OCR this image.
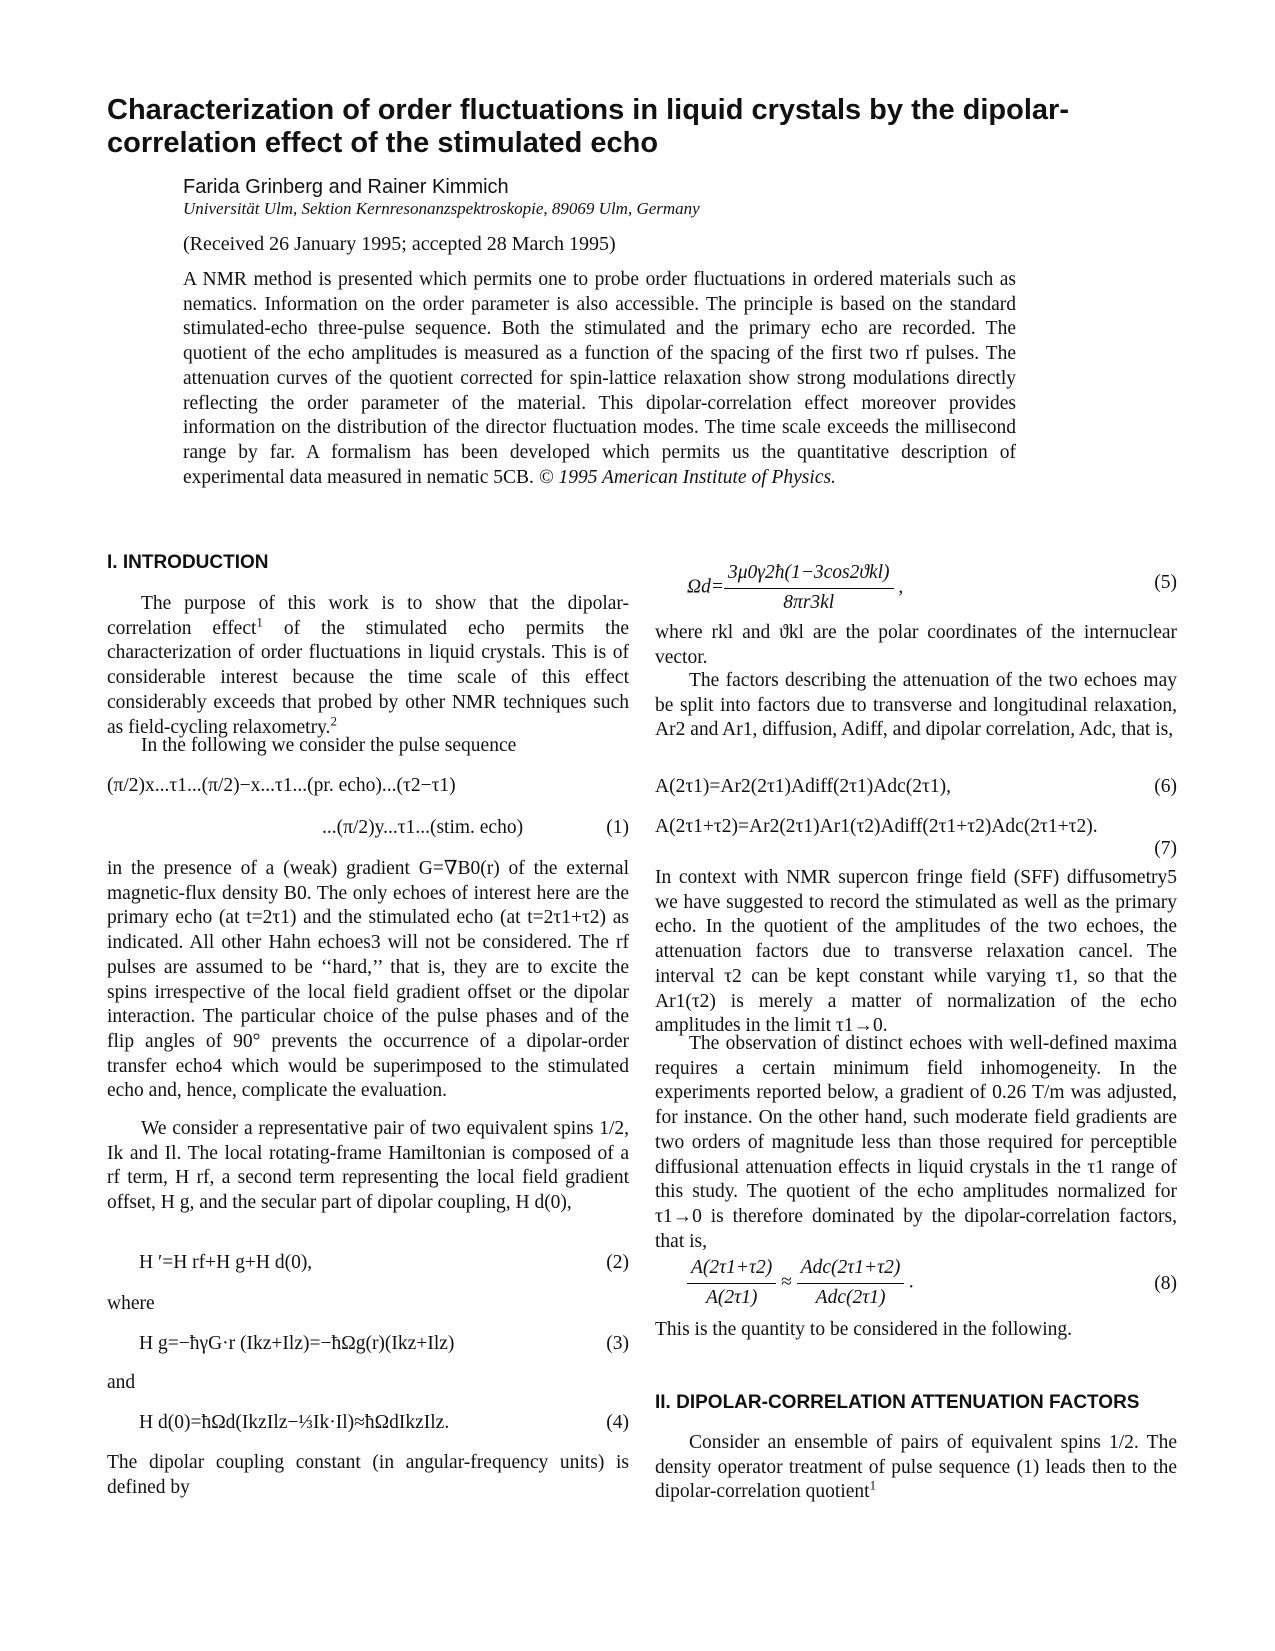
Characterization of order fluctuations in liquid crystals by the dipolar-correlation effect of the stimulated echo
Farida Grinberg and Rainer Kimmich
Universität Ulm, Sektion Kernresonanzspektroskopie, 89069 Ulm, Germany
(Received 26 January 1995; accepted 28 March 1995)

A NMR method is presented which permits one to probe order fluctuations in ordered materials such as nematics. Information on the order parameter is also accessible. The principle is based on the standard stimulated-echo three-pulse sequence. Both the stimulated and the primary echo are recorded. The quotient of the echo amplitudes is measured as a function of the spacing of the first two rf pulses. The attenuation curves of the quotient corrected for spin-lattice relaxation show strong modulations directly reflecting the order parameter of the material. This dipolar-correlation effect moreover provides information on the distribution of the director fluctuation modes. The time scale exceeds the millisecond range by far. A formalism has been developed which permits us the quantitative description of experimental data measured in nematic 5CB. © 1995 American Institute of Physics.

I. INTRODUCTION

The purpose of this work is to show that the dipolar-correlation effect$^1$ of the stimulated echo permits the characterization of order fluctuations in liquid crystals. This is of considerable interest because the time scale of this effect considerably exceeds that probed by other NMR techniques such as field-cycling relaxometry.$^2$

In the following we consider the pulse sequence

(π/2)x...τ1...(π/2)−x...τ1...(pr. echo)...(τ2−τ1)
...(π/2)y...τ1...(stim. echo)	(1)

in the presence of a (weak) gradient G=∇B0(r) of the external magnetic-flux density B0. The only echoes of interest here are the primary echo (at t=2τ1) and the stimulated echo (at t=2τ1+τ2) as indicated. All other Hahn echoes3 will not be considered. The rf pulses are assumed to be ‘‘hard,’’ that is, they are to excite the spins irrespective of the local field gradient offset or the dipolar interaction. The particular choice of the pulse phases and of the flip angles of 90° prevents the occurrence of a dipolar-order transfer echo4 which would be superimposed to the stimulated echo and, hence, complicate the evaluation.

We consider a representative pair of two equivalent spins 1/2, Ik and Il. The local rotating-frame Hamiltonian is composed of a rf term, H rf, a second term representing the local field gradient offset, H g, and the secular part of dipolar coupling, H d(0),

H ′=H rf+H g+H d(0),	(2)
where
H g=−ħγG·r (Ikz+Ilz)=−ħΩg(r)(Ikz+Ilz)	(3)
and
H d(0)=ħΩd(IkzIlz−⅓Ik·Il)≈ħΩdIkzIlz.	(4)

The dipolar coupling constant (in angular-frequency units) is defined by

$\Omega d= \frac{\text{3μ0γ2ħ(1−3cos2ϑkl)}}{8\pi r3kl}$ ,	(5)

where rkl and ϑkl are the polar coordinates of the internuclear vector.

The factors describing the attenuation of the two echoes may be split into factors due to transverse and longitudinal relaxation, Ar2 and Ar1, diffusion, Adiff, and dipolar correlation, Adc, that is,

A(2τ1)=Ar2(2τ1)Adiff(2τ1)Adc(2τ1),	(6)
A(2τ1+τ2)=Ar2(2τ1)Ar1(τ2)Adiff(2τ1+τ2)Adc(2τ1+τ2).
(7)

In context with NMR supercon fringe field (SFF) diffusometry5 we have suggested to record the stimulated as well as the primary echo. In the quotient of the amplitudes of the two echoes, the attenuation factors due to transverse relaxation cancel. The interval τ2 can be kept constant while varying τ1, so that the Ar1(τ2) is merely a matter of normalization of the echo amplitudes in the limit τ1→0.

The observation of distinct echoes with well-defined maxima requires a certain minimum field inhomogeneity. In the experiments reported below, a gradient of 0.26 T/m was adjusted, for instance. On the other hand, such moderate field gradients are two orders of magnitude less than those required for perceptible diffusional attenuation effects in liquid crystals in the τ1 range of this study. The quotient of the echo amplitudes normalized for τ1→0 is therefore dominated by the dipolar-correlation factors, that is,

$\frac{A(2\tau 1+\tau 2)}{A(2\tau 1)} \approx \frac{\text{Adc(2τ1+τ2)}}{\text{Adc(2τ1)}}$ .	(8)

This is the quantity to be considered in the following.

II. DIPOLAR-CORRELATION ATTENUATION FACTORS

Consider an ensemble of pairs of equivalent spins 1/2. The density operator treatment of pulse sequence (1) leads then to the dipolar-correlation quotient$^1$
